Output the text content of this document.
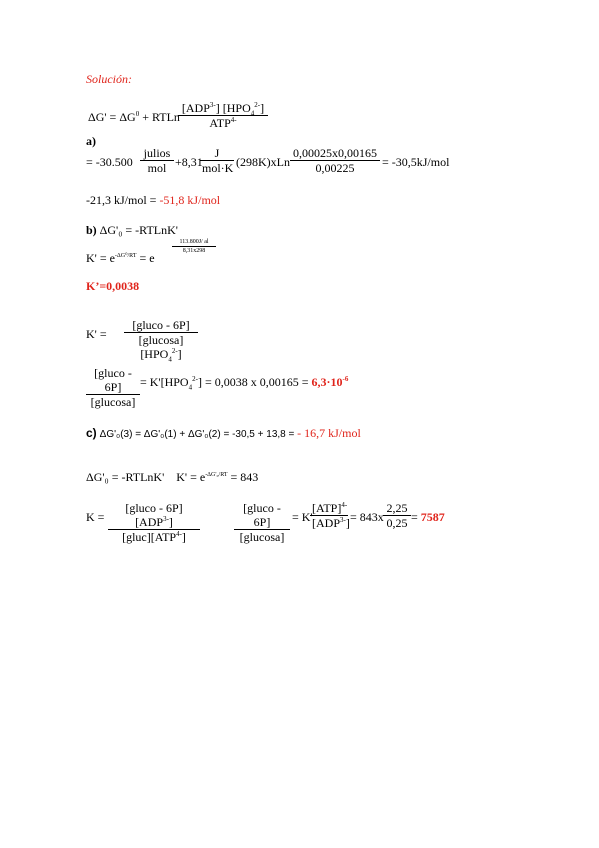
Solución:
$\Delta G' = \Delta G^0$ + RTLn
$[ADP^{3-}]$ $[HPO_4^{2-}]$
$ATP^{4-}$
a)
= -30.500
julios
mol +8,31
J
mol·K $(298K)xLn \frac{0,00025x0,00165}{0,00225} = -30,5kJ/mol$
-21,3 kJ/mol = -51,8 kJ/mol
b) ΔG'₀ = -RTLnK'
$K' = e^{-\Delta G^0/RT} = e$
$\frac{113.800J/ al}{8,31x298}$
K’=0,0038
K' =
[gluco - 6P]
$[glucosa][HPO_4^{2-}]$
[gluco - 6P]
[glucosa]
= $K'[HPO_4^{2-}] = 0,0038$ x $0,00165 = 6,3\cdot 10^{-6}$
c) ΔG'₀(3) = ΔG'₀(1) + ΔG'₀(2) = -30,5 + 13,8 = - 16,7 kJ/mol
ΔG'₀ = -RTLnK' $K' = e^{-\Delta G'_0/RT} = 843$
K =
[gluco - $6P][ADP^{3-}]$
$[gluc][ATP^{4-}]$
[gluco - 6P]
[glucosa]
= K'
[ATP]$^{4-}$
$[ADP^{3-}] = 843x \frac{2,25}{0,25} = 7587$
